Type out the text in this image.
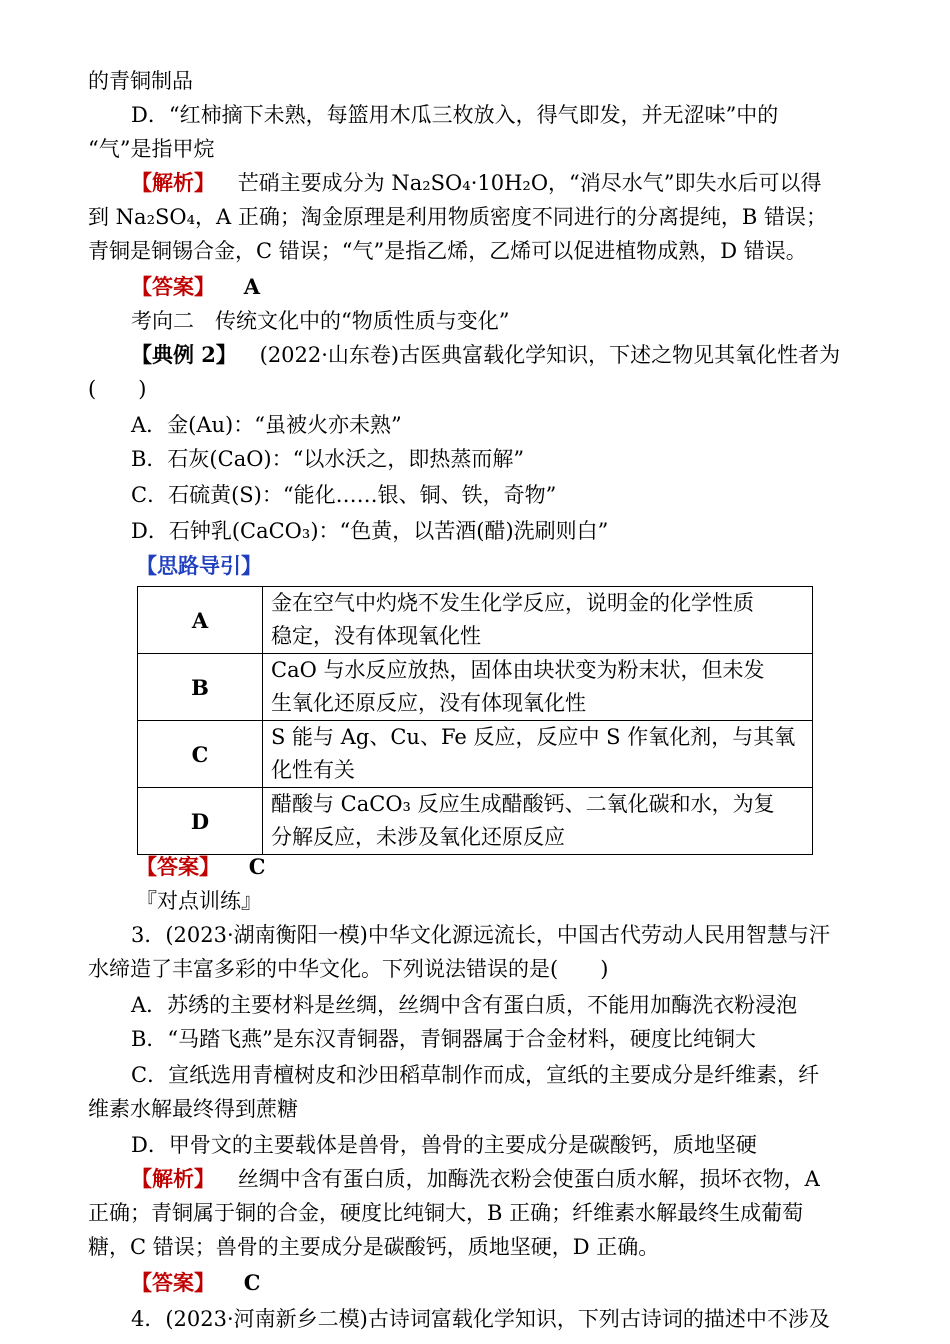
的青铜制品
D．“红柿摘下未熟，每篮用木瓜三枚放入，得气即发，并无涩味”中的
“气”是指甲烷
【解析】 芒硝主要成分为 Na₂SO₄·10H₂O，“消尽水气”即失水后可以得
到 Na₂SO₄，A 正确；淘金原理是利用物质密度不同进行的分离提纯，B 错误；
青铜是铜锡合金，C 错误；“气”是指乙烯，乙烯可以促进植物成熟，D 错误。
【答案】 A
考向二　传统文化中的“物质性质与变化”
【典例 2】 (2022·山东卷)古医典富载化学知识，下述之物见其氧化性者为
(　　)
A．金(Au)：“虽被火亦未熟”
B．石灰(CaO)：“以水沃之，即热蒸而解”
C．石硫黄(S)：“能化……银、铜、铁，奇物”
D．石钟乳(CaCO₃)：“色黄，以苦酒(醋)洗刷则白”
【思路导引】
A	金在空气中灼烧不发生化学反应，说明金的化学性质
稳定，没有体现氧化性
B	CaO 与水反应放热，固体由块状变为粉末状，但未发
生氧化还原反应，没有体现氧化性
C	S 能与 Ag、Cu、Fe 反应，反应中 S 作氧化剂，与其氧
化性有关
D	醋酸与 CaCO₃ 反应生成醋酸钙、二氧化碳和水，为复
分解反应，未涉及氧化还原反应
【答案】 C
『对点训练』
3．(2023·湖南衡阳一模)中华文化源远流长，中国古代劳动人民用智慧与汗
水缔造了丰富多彩的中华文化。下列说法错误的是(　　)
A．苏绣的主要材料是丝绸，丝绸中含有蛋白质，不能用加酶洗衣粉浸泡
B．“马踏飞燕”是东汉青铜器，青铜器属于合金材料，硬度比纯铜大
C．宣纸选用青檀树皮和沙田稻草制作而成，宣纸的主要成分是纤维素，纤
维素水解最终得到蔗糖
D．甲骨文的主要载体是兽骨，兽骨的主要成分是碳酸钙，质地坚硬
【解析】 丝绸中含有蛋白质，加酶洗衣粉会使蛋白质水解，损坏衣物，A
正确；青铜属于铜的合金，硬度比纯铜大，B 正确；纤维素水解最终生成葡萄
糖，C 错误；兽骨的主要成分是碳酸钙，质地坚硬，D 正确。
【答案】 C
4．(2023·河南新乡二模)古诗词富载化学知识，下列古诗词的描述中不涉及
